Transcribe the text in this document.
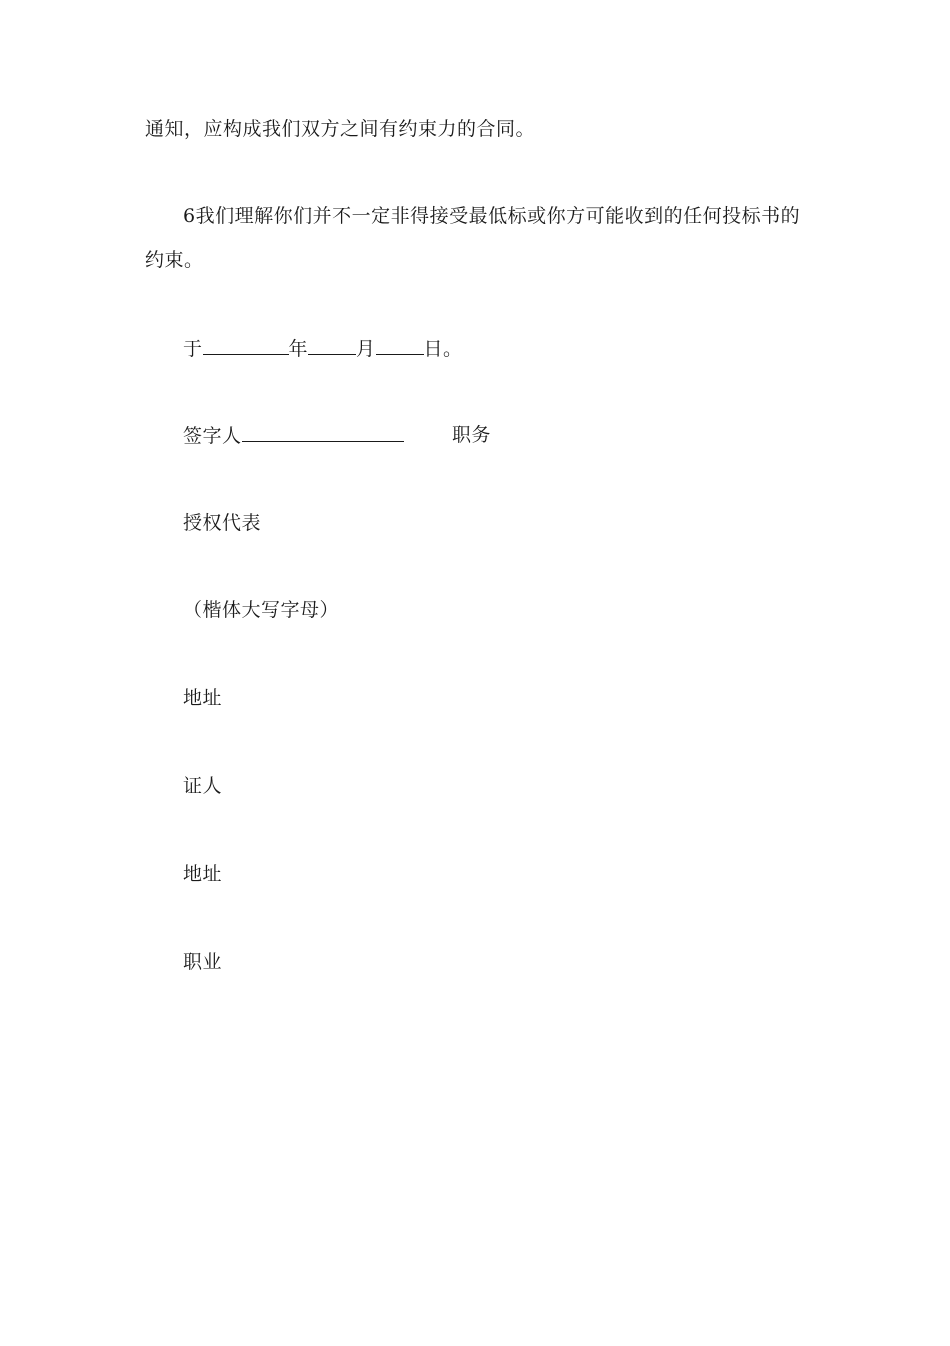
通知，应构成我们双方之间有约束力的合同。
6我们理解你们并不一定非得接受最低标或你方可能收到的任何投标书的
约束。
于	年	月	日。
签字人	职务
授权代表
（楷体大写字母）
地址
证人
地址
职业
